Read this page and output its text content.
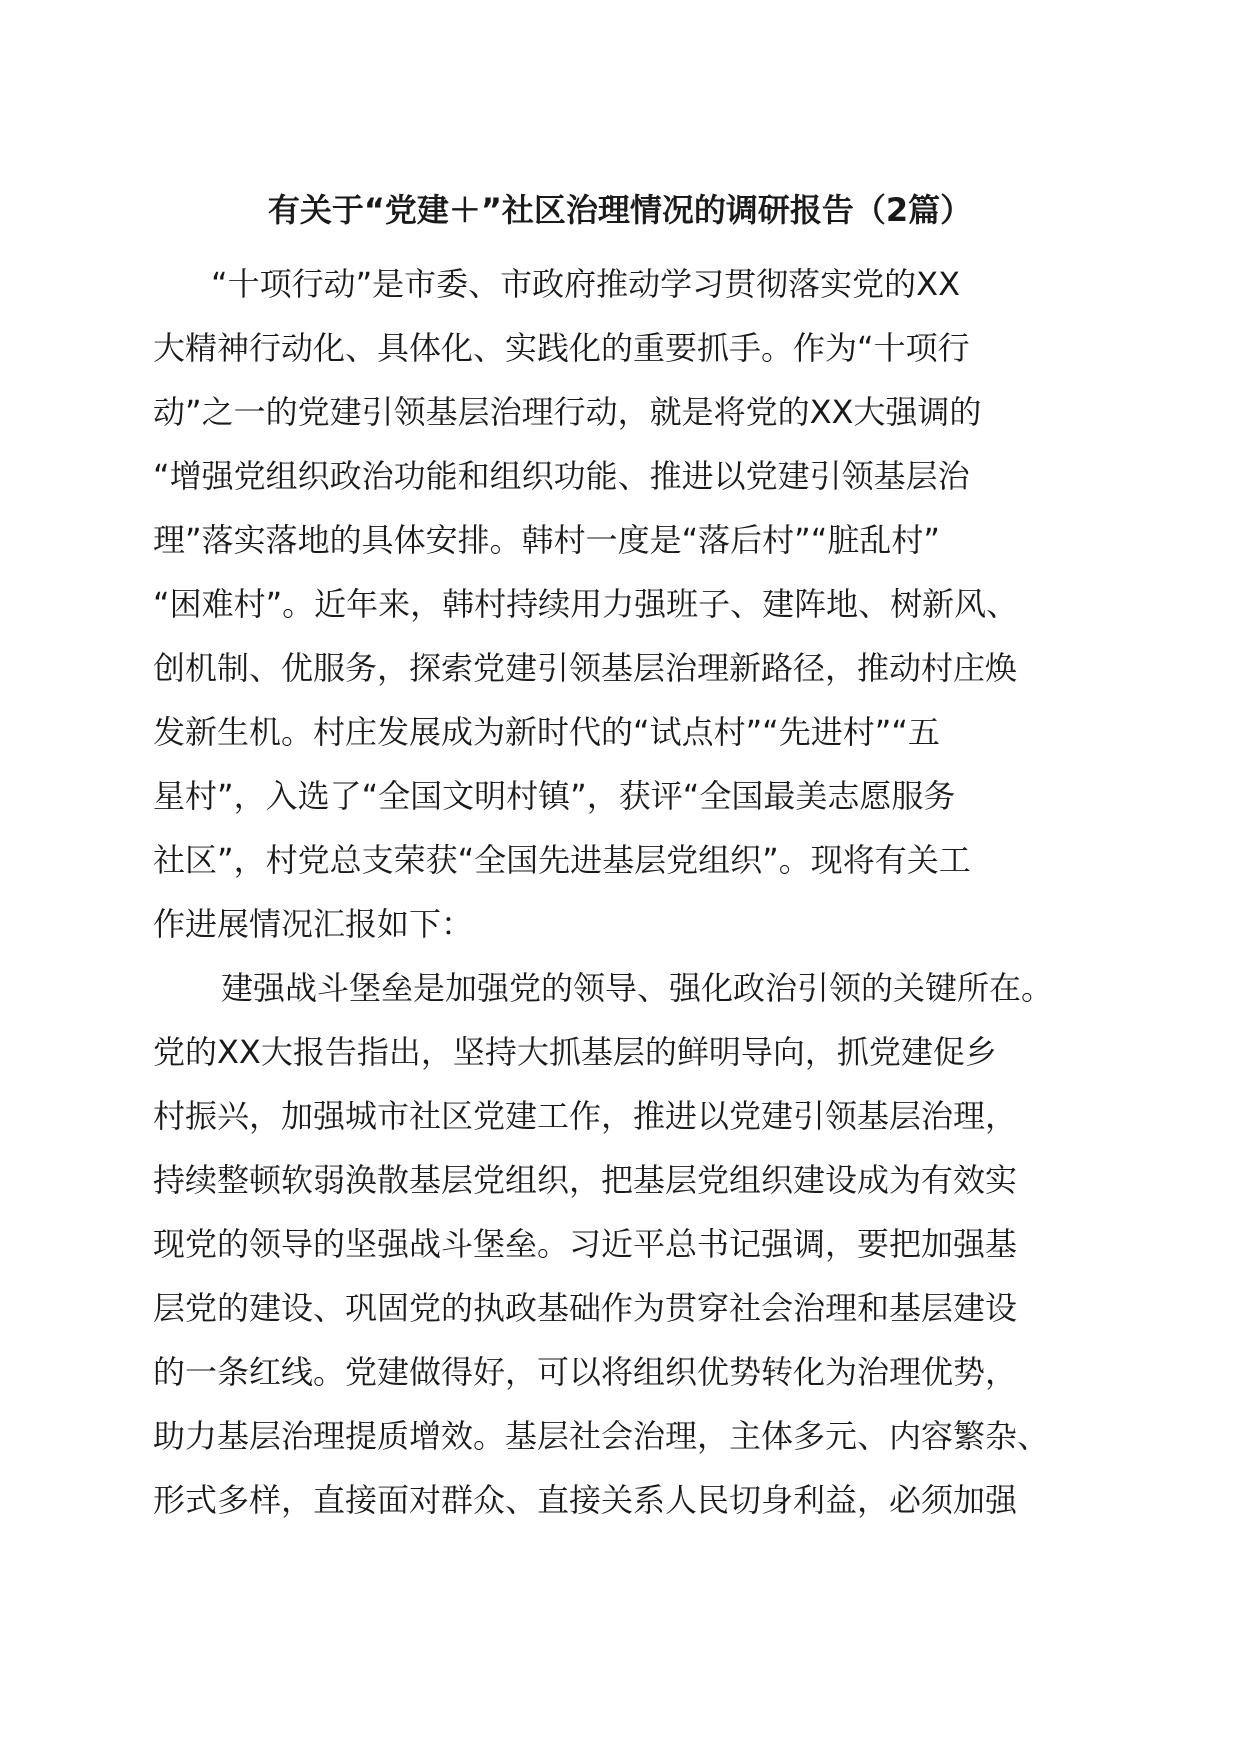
有关于“党建＋”社区治理情况的调研报告（2篇）

“十项行动”是市委、市政府推动学习贯彻落实党的XX

大精神行动化、具体化、实践化的重要抓手。作为“十项行

动”之一的党建引领基层治理行动，就是将党的XX大强调的

“增强党组织政治功能和组织功能、推进以党建引领基层治

理”落实落地的具体安排。韩村一度是“落后村”“脏乱村”

“困难村”。近年来，韩村持续用力强班子、建阵地、树新风、

创机制、优服务，探索党建引领基层治理新路径，推动村庄焕

发新生机。村庄发展成为新时代的“试点村”“先进村”“五

星村”，入选了“全国文明村镇”，获评“全国最美志愿服务

社区”，村党总支荣获“全国先进基层党组织”。现将有关工

作进展情况汇报如下：

建强战斗堡垒是加强党的领导、强化政治引领的关键所在。

党的XX大报告指出，坚持大抓基层的鲜明导向，抓党建促乡

村振兴，加强城市社区党建工作，推进以党建引领基层治理，

持续整顿软弱涣散基层党组织，把基层党组织建设成为有效实

现党的领导的坚强战斗堡垒。习近平总书记强调，要把加强基

层党的建设、巩固党的执政基础作为贯穿社会治理和基层建设

的一条红线。党建做得好，可以将组织优势转化为治理优势，

助力基层治理提质增效。基层社会治理，主体多元、内容繁杂、

形式多样，直接面对群众、直接关系人民切身利益，必须加强
